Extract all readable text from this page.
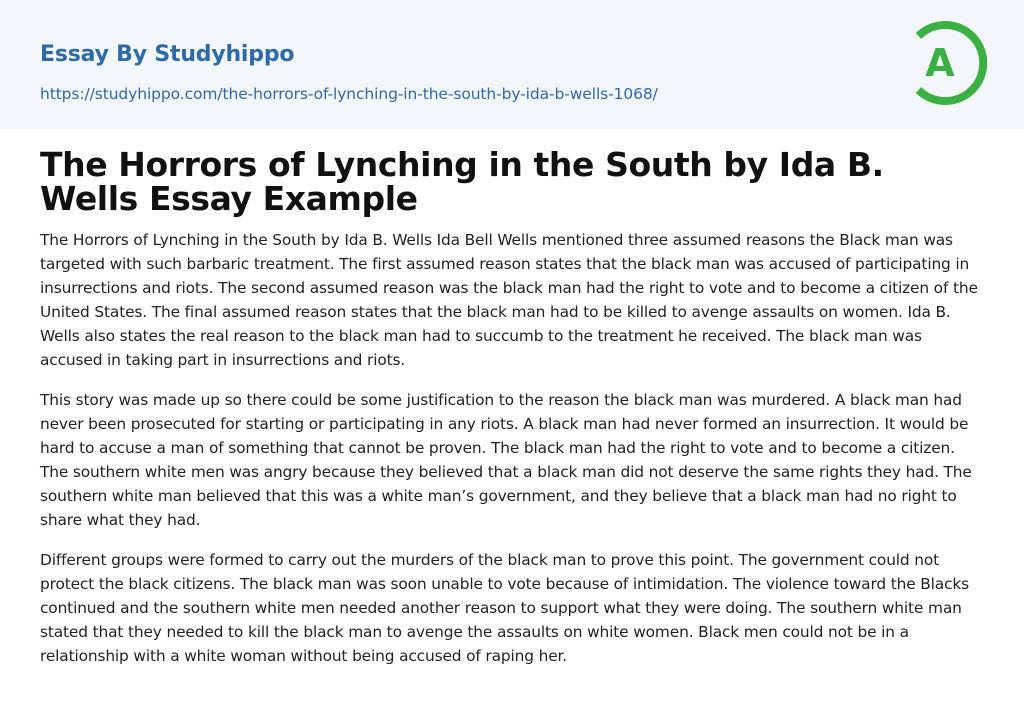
Essay By Studyhippo
https://studyhippo.com/the-horrors-of-lynching-in-the-south-by-ida-b-wells-1068/
A
The Horrors of Lynching in the South by Ida B. Wells Essay Example

The Horrors of Lynching in the South by Ida B. Wells Ida Bell Wells mentioned three assumed reasons the Black man was targeted with such barbaric treatment. The first assumed reason states that the black man was accused of participating in insurrections and riots. The second assumed reason was the black man had the right to vote and to become a citizen of the United States. The final assumed reason states that the black man had to be killed to avenge assaults on women. Ida B. Wells also states the real reason to the black man had to succumb to the treatment he received. The black man was accused in taking part in insurrections and riots.

This story was made up so there could be some justification to the reason the black man was murdered. A black man had never been prosecuted for starting or participating in any riots. A black man had never formed an insurrection. It would be hard to accuse a man of something that cannot be proven. The black man had the right to vote and to become a citizen. The southern white men was angry because they believed that a black man did not deserve the same rights they had. The southern white man believed that this was a white man’s government, and they believe that a black man had no right to share what they had.

Different groups were formed to carry out the murders of the black man to prove this point. The government could not protect the black citizens. The black man was soon unable to vote because of intimidation. The violence toward the Blacks continued and the southern white men needed another reason to support what they were doing. The southern white man stated that they needed to kill the black man to avenge the assaults on white women. Black men could not be in a relationship with a white woman without being accused of raping her.
